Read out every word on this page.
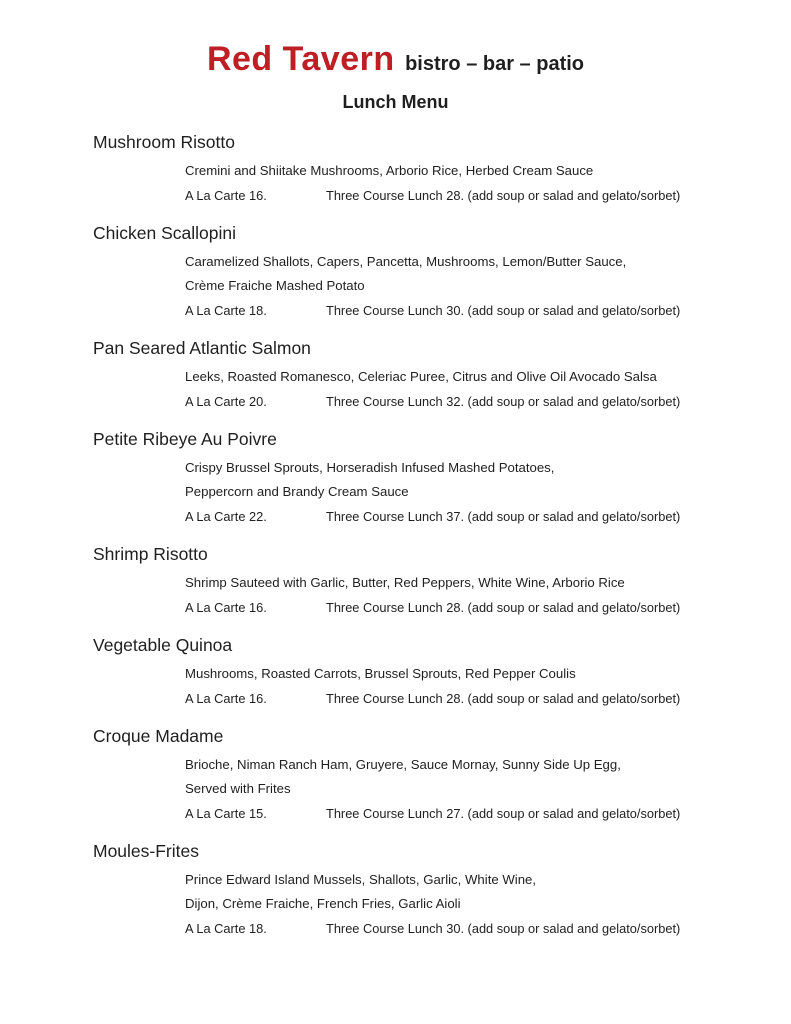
Red Tavern bistro – bar – patio
Lunch Menu
Mushroom Risotto
Cremini and Shiitake Mushrooms, Arborio Rice, Herbed Cream Sauce
A La Carte 16.	Three Course Lunch 28. (add soup or salad and gelato/sorbet)
Chicken Scallopini
Caramelized Shallots, Capers, Pancetta, Mushrooms, Lemon/Butter Sauce,
Crème Fraiche Mashed Potato
A La Carte 18.	Three Course Lunch 30. (add soup or salad and gelato/sorbet)
Pan Seared Atlantic Salmon
Leeks, Roasted Romanesco, Celeriac Puree, Citrus and Olive Oil Avocado Salsa
A La Carte 20.	Three Course Lunch 32. (add soup or salad and gelato/sorbet)
Petite Ribeye Au Poivre
Crispy Brussel Sprouts, Horseradish Infused Mashed Potatoes,
Peppercorn and Brandy Cream Sauce
A La Carte 22.	Three Course Lunch 37. (add soup or salad and gelato/sorbet)
Shrimp Risotto
Shrimp Sauteed with Garlic, Butter, Red Peppers, White Wine, Arborio Rice
A La Carte 16.	Three Course Lunch 28. (add soup or salad and gelato/sorbet)
Vegetable Quinoa
Mushrooms, Roasted Carrots, Brussel Sprouts, Red Pepper Coulis
A La Carte 16.	Three Course Lunch 28. (add soup or salad and gelato/sorbet)
Croque Madame
Brioche, Niman Ranch Ham, Gruyere, Sauce Mornay, Sunny Side Up Egg,
Served with Frites
A La Carte 15.	Three Course Lunch 27. (add soup or salad and gelato/sorbet)
Moules-Frites
Prince Edward Island Mussels, Shallots, Garlic, White Wine,
Dijon, Crème Fraiche, French Fries, Garlic Aioli
A La Carte 18.	Three Course Lunch 30. (add soup or salad and gelato/sorbet)
